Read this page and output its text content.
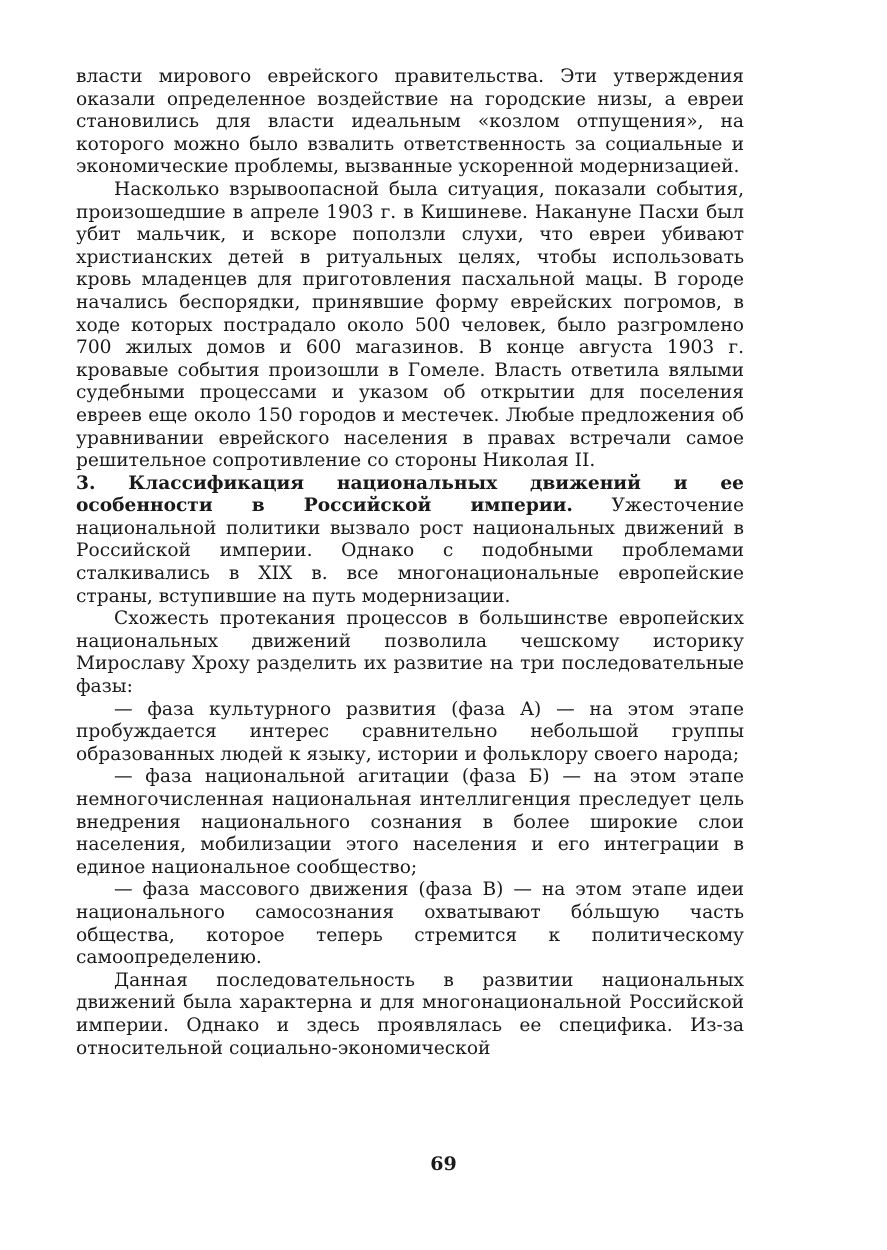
власти мирового еврейского правительства. Эти утверждения оказали определенное воздействие на городские низы, а евреи становились для власти идеальным «козлом отпущения», на которого можно было взвалить ответственность за социальные и экономические проблемы, вызванные ускоренной модернизацией.

Насколько взрывоопасной была ситуация, показали события, произошедшие в апреле 1903 г. в Кишиневе. Накануне Пасхи был убит мальчик, и вскоре поползли слухи, что евреи убивают христианских детей в ритуальных целях, чтобы использовать кровь младенцев для приготовления пасхальной мацы. В городе начались беспорядки, принявшие форму еврейских погромов, в ходе которых пострадало около 500 человек, было разгромлено 700 жилых домов и 600 магазинов. В конце августа 1903 г. кровавые события произошли в Гомеле. Власть ответила вялыми судебными процессами и указом об открытии для поселения евреев еще около 150 городов и местечек. Любые предложения об уравнивании еврейского населения в правах встречали самое решительное сопротивление со стороны Николая II.

3. Классификация национальных движений и ее особенности в Российской империи. Ужесточение национальной политики вызвало рост национальных движений в Российской империи. Однако с подобными проблемами сталкивались в XIX в. все многонациональные европейские страны, вступившие на путь модернизации.

Схожесть протекания процессов в большинстве европейских национальных движений позволила чешскому историку Мирославу Хроху разделить их развитие на три последовательные фазы:

— фаза культурного развития (фаза А) — на этом этапе пробуждается интерес сравнительно небольшой группы образованных людей к языку, истории и фольклору своего народа;

— фаза национальной агитации (фаза Б) — на этом этапе немногочисленная национальная интеллигенция преследует цель внедрения национального сознания в более широкие слои населения, мобилизации этого населения и его интеграции в единое национальное сообщество;

— фаза массового движения (фаза В) — на этом этапе идеи национального самосознания охватывают бóльшую часть общества, которое теперь стремится к политическому самоопределению.

Данная последовательность в развитии национальных движений была характерна и для многонациональной Российской империи. Однако и здесь проявлялась ее специфика. Из-за относительной социально-экономической

69
